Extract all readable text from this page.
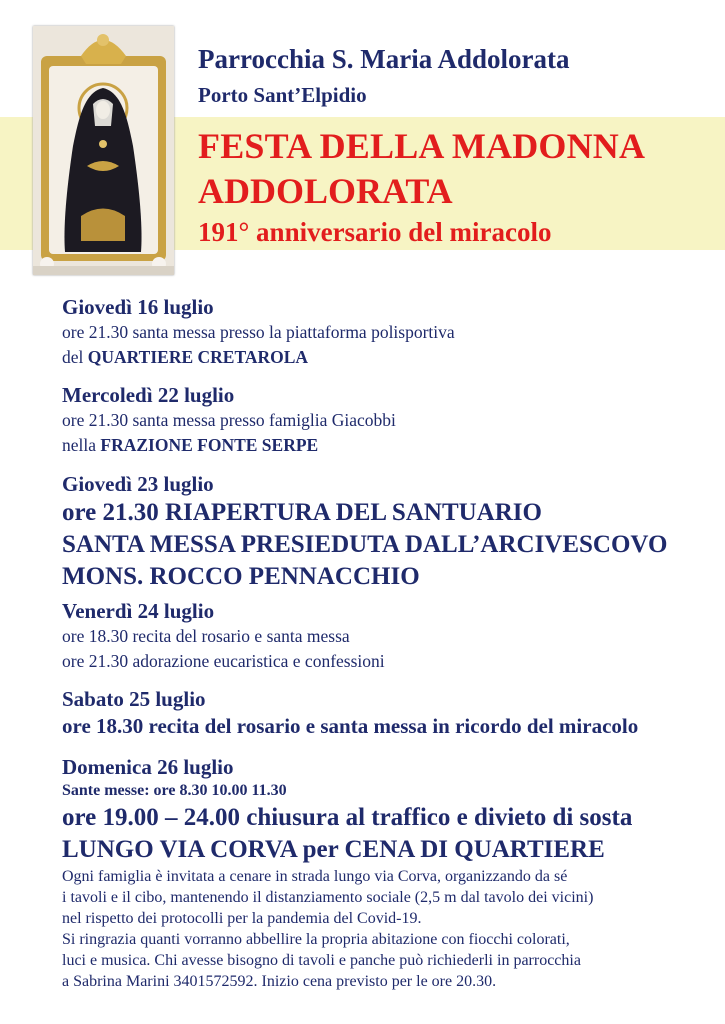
Parrocchia S. Maria Addolorata
Porto Sant’Elpidio
FESTA DELLA MADONNA
ADDOLORATA
191° anniversario del miracolo
Giovedì 16 luglio
ore 21.30 santa messa presso la piattaforma polisportiva
del QUARTIERE CRETAROLA
Mercoledì 22 luglio
ore 21.30 santa messa presso famiglia Giacobbi
nella FRAZIONE FONTE SERPE
Giovedì 23 luglio
ore 21.30 RIAPERTURA DEL SANTUARIO
SANTA MESSA PRESIEDUTA DALL’ARCIVESCOVO
MONS. ROCCO PENNACCHIO
Venerdì 24 luglio
ore 18.30 recita del rosario e santa messa
ore 21.30 adorazione eucaristica e confessioni
Sabato 25 luglio
ore 18.30 recita del rosario e santa messa in ricordo del miracolo
Domenica 26 luglio
Sante messe: ore 8.30 10.00 11.30
ore 19.00 – 24.00 chiusura al traffico e divieto di sosta
LUNGO VIA CORVA per CENA DI QUARTIERE
Ogni famiglia è invitata a cenare in strada lungo via Corva, organizzando da sé
i tavoli e il cibo, mantenendo il distanziamento sociale (2,5 m dal tavolo dei vicini)
nel rispetto dei protocolli per la pandemia del Covid-19.
Si ringrazia quanti vorranno abbellire la propria abitazione con fiocchi colorati,
luci e musica. Chi avesse bisogno di tavoli e panche può richiederli in parrocchia
a Sabrina Marini 3401572592. Inizio cena previsto per le ore 20.30.
